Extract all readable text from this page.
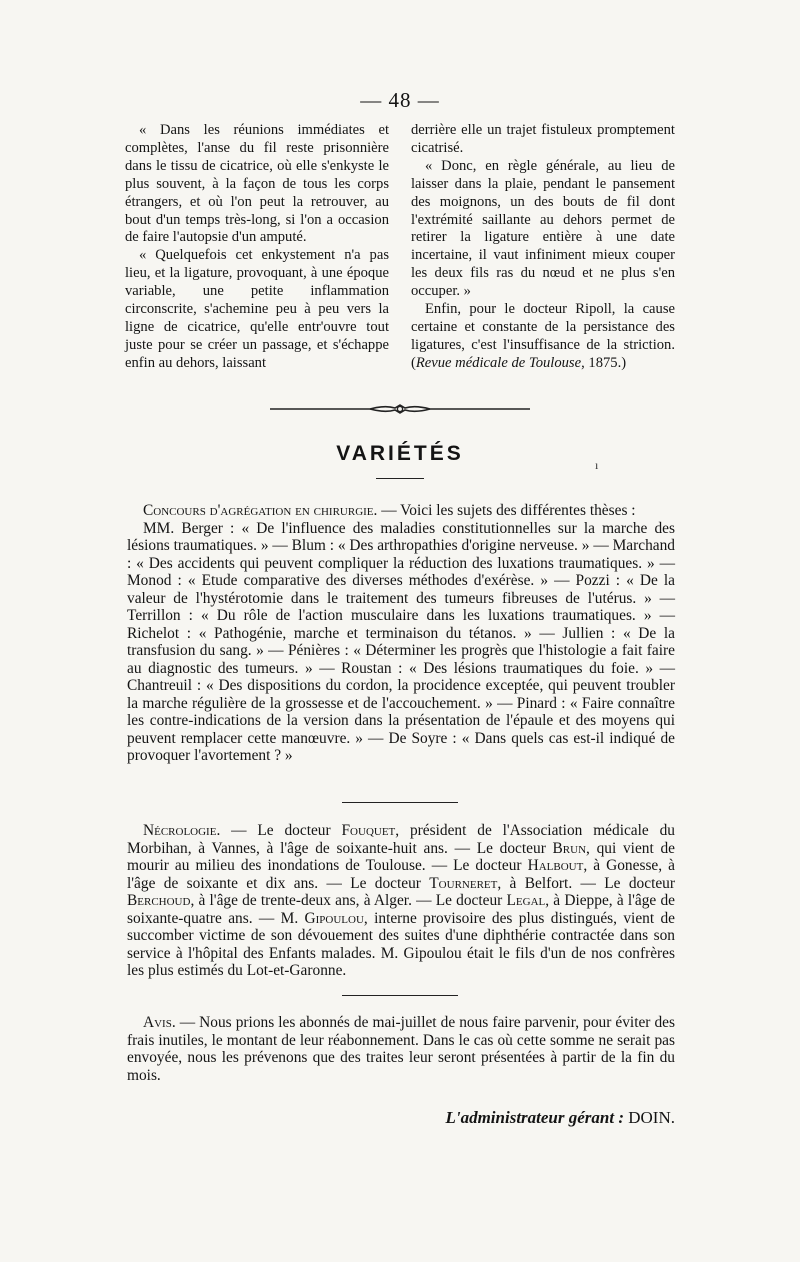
— 48 —

« Dans les réunions immédiates et complètes, l'anse du fil reste prisonnière dans le tissu de cicatrice, où elle s'enkyste le plus souvent, à la façon de tous les corps étrangers, et où l'on peut la retrouver, au bout d'un temps très-long, si l'on a occasion de faire l'autopsie d'un amputé.

« Quelquefois cet enkystement n'a pas lieu, et la ligature, provoquant, à une époque variable, une petite inflammation circonscrite, s'achemine peu à peu vers la ligne de cicatrice, qu'elle entr'ouvre tout juste pour se créer un passage, et s'échappe enfin au dehors, laissant

derrière elle un trajet fistuleux promptement cicatrisé.

« Donc, en règle générale, au lieu de laisser dans la plaie, pendant le pansement des moignons, un des bouts de fil dont l'extrémité saillante au dehors permet de retirer la ligature entière à une date incertaine, il vaut infiniment mieux couper les deux fils ras du nœud et ne plus s'en occuper. »

Enfin, pour le docteur Ripoll, la cause certaine et constante de la persistance des ligatures, c'est l'insuffisance de la striction. (Revue médicale de Toulouse, 1875.)

VARIÉTÉS	ı

Concours d'agrégation en chirurgie. — Voici les sujets des différentes thèses :

MM. Berger : « De l'influence des maladies constitutionnelles sur la marche des lésions traumatiques. » — Blum : « Des arthropathies d'origine nerveuse. » — Marchand : « Des accidents qui peuvent compliquer la réduction des luxations traumatiques. » — Monod : « Etude comparative des diverses méthodes d'exérèse. » — Pozzi : « De la valeur de l'hystérotomie dans le traitement des tumeurs fibreuses de l'utérus. » — Terrillon : « Du rôle de l'action musculaire dans les luxations traumatiques. » — Richelot : « Pathogénie, marche et terminaison du tétanos. » — Jullien : « De la transfusion du sang. » — Pénières : « Déterminer les progrès que l'histologie a fait faire au diagnostic des tumeurs. » — Roustan : « Des lésions traumatiques du foie. » — Chantreuil : « Des dispositions du cordon, la procidence exceptée, qui peuvent troubler la marche régulière de la grossesse et de l'accouchement. » — Pinard : « Faire connaître les contre-indications de la version dans la présentation de l'épaule et des moyens qui peuvent remplacer cette manœuvre. » — De Soyre : « Dans quels cas est-il indiqué de provoquer l'avortement ? »

Nécrologie. — Le docteur Fouquet, président de l'Association médicale du Morbihan, à Vannes, à l'âge de soixante-huit ans. — Le docteur Brun, qui vient de mourir au milieu des inondations de Toulouse. — Le docteur Halbout, à Gonesse, à l'âge de soixante et dix ans. — Le docteur Tourneret, à Belfort. — Le docteur Berchoud, à l'âge de trente-deux ans, à Alger. — Le docteur Legal, à Dieppe, à l'âge de soixante-quatre ans. — M. Gipoulou, interne provisoire des plus distingués, vient de succomber victime de son dévouement des suites d'une diphthérie contractée dans son service à l'hôpital des Enfants malades. M. Gipoulou était le fils d'un de nos confrères les plus estimés du Lot-et-Garonne.

Avis. — Nous prions les abonnés de mai-juillet de nous faire parvenir, pour éviter des frais inutiles, le montant de leur réabonnement. Dans le cas où cette somme ne serait pas envoyée, nous les prévenons que des traites leur seront présentées à partir de la fin du mois.

L'administrateur gérant : DOIN.
